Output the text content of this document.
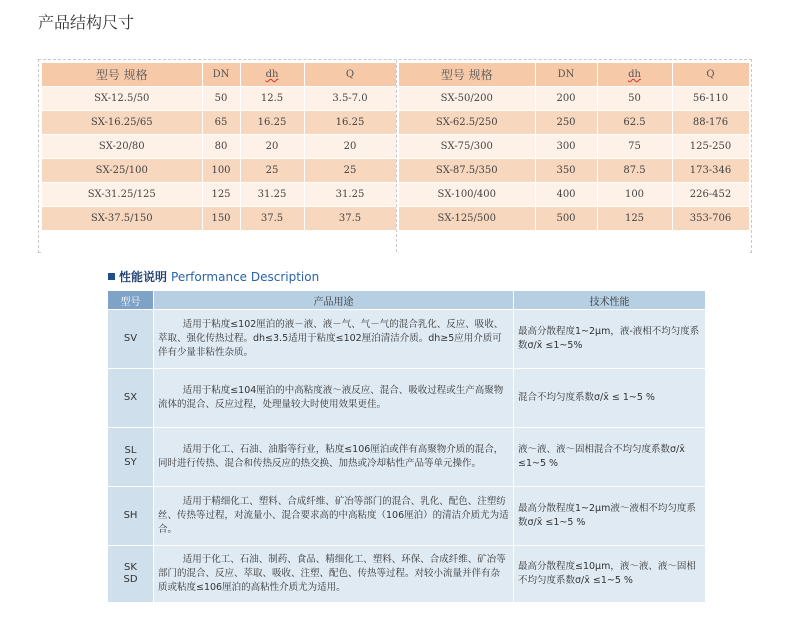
产品结构尺寸
型号 规格	DN	dh	Q
SX-12.5/50	50	12.5	3.5-7.0
SX-16.25/65	65	16.25	16.25
SX-20/80	80	20	20
SX-25/100	100	25	25
SX-31.25/125	125	31.25	31.25
SX-37.5/150	150	37.5	37.5

型号 规格	DN	dh	Q
SX-50/200	200	50	56-110
SX-62.5/250	250	62.5	88-176
SX-75/300	300	75	125-250
SX-87.5/350	350	87.5	173-346
SX-100/400	400	100	226-452
SX-125/500	500	125	353-706

性能说明 Performance Description
型号	产品用途	技术性能

SV	适用于粘度≤102厘泊的液－液、液－气、气－气的混合乳化、反应、吸收、萃取、强化传热过程。dh≤3.5适用于粘度≤102厘泊清洁介质。dh≥5应用介质可伴有少量非粘性杂质。	最高分散程度1~2μm，液-液相不均匀度系数σ/x̄ ≤1~5%

SX	适用于粘度≤104厘泊的中高粘度液～液反应、混合、吸收过程或生产高聚物流体的混合、反应过程，处理量较大时使用效果更佳。	混合不均匀度系数σ/x̄ ≤ 1~5 %

SL
SY	适用于化工、石油、油脂等行业，粘度≤106厘泊或伴有高聚物介质的混合，同时进行传热、混合和传热反应的热交换、加热或冷却粘性产品等单元操作。	液～液、液～固相混合不均匀度系数σ/x̄ ≤1~5 %

SH	适用于精细化工、塑料、合成纤维、矿冶等部门的混合、乳化、配色、注塑纺丝、传热等过程，对流量小、混合要求高的中高粘度（106厘泊）的清洁介质尤为适合。	最高分散程度1~2μm液～液相不均匀度系数σ/x̄ ≤1~5 %

SK
SD	适用于化工、石油、制药、食品、精细化工、塑料、环保、合成纤维、矿冶等部门的混合、反应、萃取、吸收、注塑、配色、传热等过程。对较小流量并伴有杂质或粘度≤106厘泊的高粘性介质尤为适用。	最高分散程度≤10μm，液～液、液～固相不均匀度系数σ/x̄ ≤1~5 %
